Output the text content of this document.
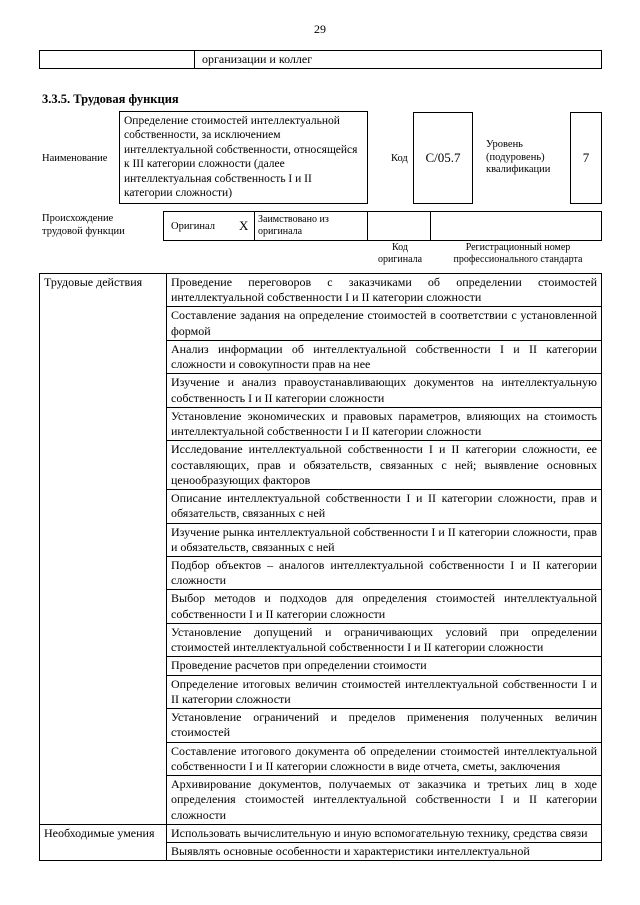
29
организации и коллег
3.3.5. Трудовая функция
Наименование
Определение стоимостей интеллектуальной собственности, за исключением интеллектуальной собственности, относящейся к III категории сложности (далее интеллектуальная собственность I и II категории сложности)
Код	С/05.7
Уровень (подуровень) квалификации
7
Происхождение трудовой функции	Оригинал X Заимствовано из оригинала
Код оригинала
Регистрационный номер профессионального стандарта
Трудовые действия	Проведение переговоров с заказчиками об определении стоимостей интеллектуальной собственности I и II категории сложности
	Составление задания на определение стоимостей в соответствии с установленной формой
	Анализ информации об интеллектуальной собственности I и II категории сложности и совокупности прав на нее
	Изучение и анализ правоустанавливающих документов на интеллектуальную собственность I и II категории сложности
	Установление экономических и правовых параметров, влияющих на стоимость интеллектуальной собственности I и II категории сложности
	Исследование интеллектуальной собственности I и II категории сложности, ее составляющих, прав и обязательств, связанных с ней; выявление основных ценообразующих факторов
	Описание интеллектуальной собственности I и II категории сложности, прав и обязательств, связанных с ней
	Изучение рынка интеллектуальной собственности I и II категории сложности, прав и обязательств, связанных с ней
	Подбор объектов – аналогов интеллектуальной собственности I и II категории сложности
	Выбор методов и подходов для определения стоимостей интеллектуальной собственности I и II категории сложности
	Установление допущений и ограничивающих условий при определении стоимостей интеллектуальной собственности I и II категории сложности
	Проведение расчетов при определении стоимости
	Определение итоговых величин стоимостей интеллектуальной собственности I и II категории сложности
	Установление ограничений и пределов применения полученных величин стоимостей
	Составление итогового документа об определении стоимостей интеллектуальной собственности I и II категории сложности в виде отчета, сметы, заключения
	Архивирование документов, получаемых от заказчика и третьих лиц в ходе определения стоимостей интеллектуальной собственности I и II категории сложности
Необходимые умения	Использовать вычислительную и иную вспомогательную технику, средства связи
	Выявлять основные особенности и характеристики интеллектуальной
